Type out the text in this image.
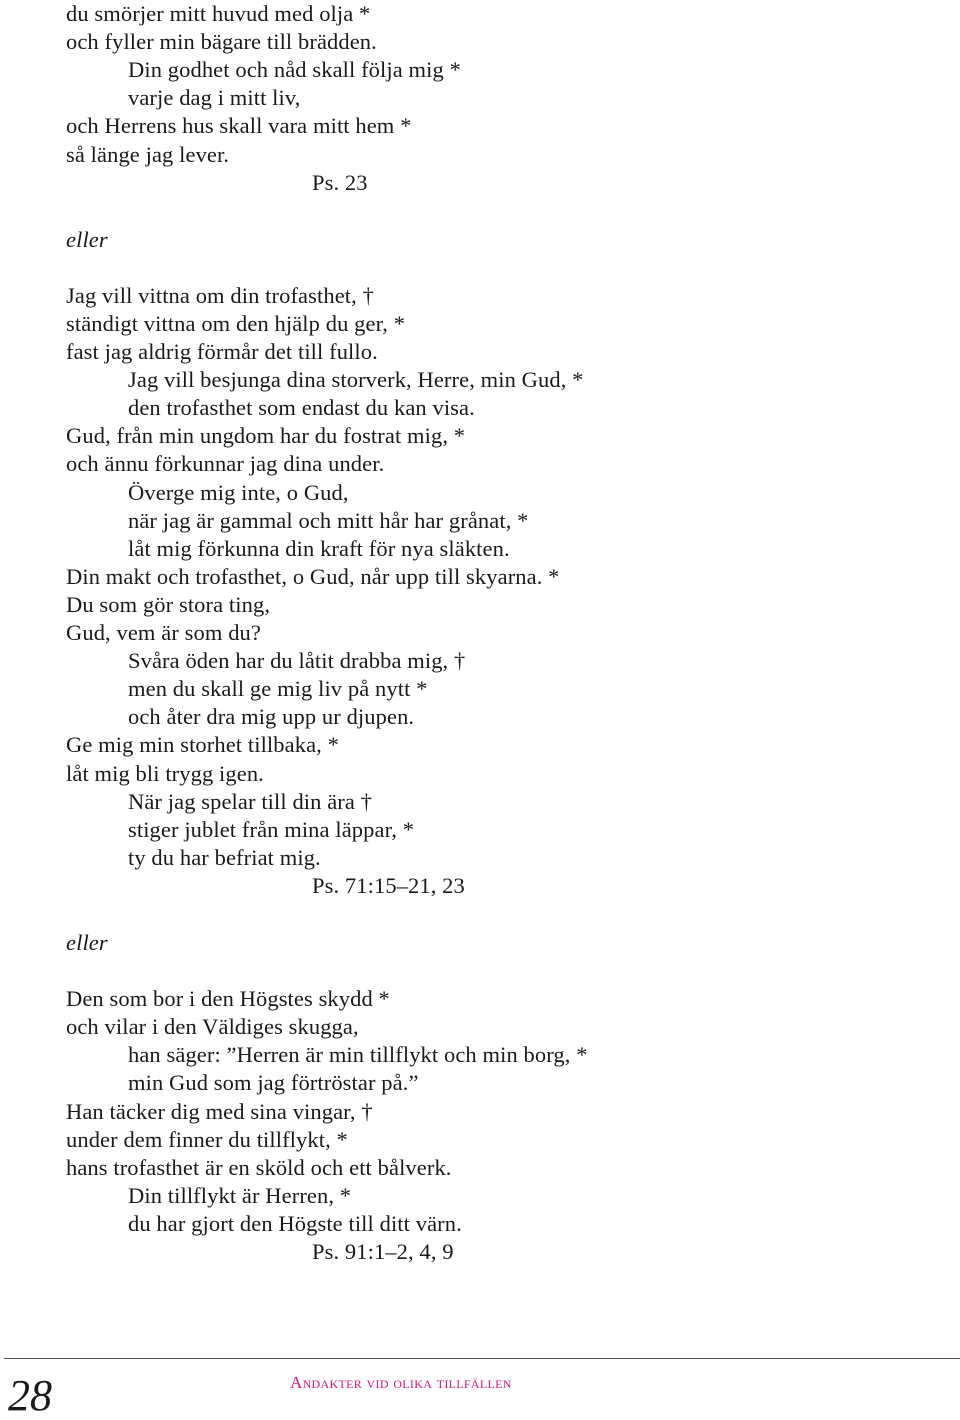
du smörjer mitt huvud med olja *
och fyller min bägare till brädden.
Din godhet och nåd skall följa mig *
varje dag i mitt liv,
och Herrens hus skall vara mitt hem *
så länge jag lever.
Ps. 23
eller
Jag vill vittna om din trofasthet, †
ständigt vittna om den hjälp du ger, *
fast jag aldrig förmår det till fullo.
Jag vill besjunga dina storverk, Herre, min Gud, *
den trofasthet som endast du kan visa.
Gud, från min ungdom har du fostrat mig, *
och ännu förkunnar jag dina under.
Överge mig inte, o Gud,
när jag är gammal och mitt hår har grånat, *
låt mig förkunna din kraft för nya släkten.
Din makt och trofasthet, o Gud, når upp till skyarna. *
Du som gör stora ting,
Gud, vem är som du?
Svåra öden har du låtit drabba mig, †
men du skall ge mig liv på nytt *
och åter dra mig upp ur djupen.
Ge mig min storhet tillbaka, *
låt mig bli trygg igen.
När jag spelar till din ära †
stiger jublet från mina läppar, *
ty du har befriat mig.
Ps. 71:15–21, 23
eller
Den som bor i den Högstes skydd *
och vilar i den Väldiges skugga,
han säger: ”Herren är min tillflykt och min borg, *
min Gud som jag förtröstar på.”
Han täcker dig med sina vingar, †
under dem finner du tillflykt, *
hans trofasthet är en sköld och ett bålverk.
Din tillflykt är Herren, *
du har gjort den Högste till ditt värn.
Ps. 91:1–2, 4, 9
28	Andakter vid olika tillfällen
